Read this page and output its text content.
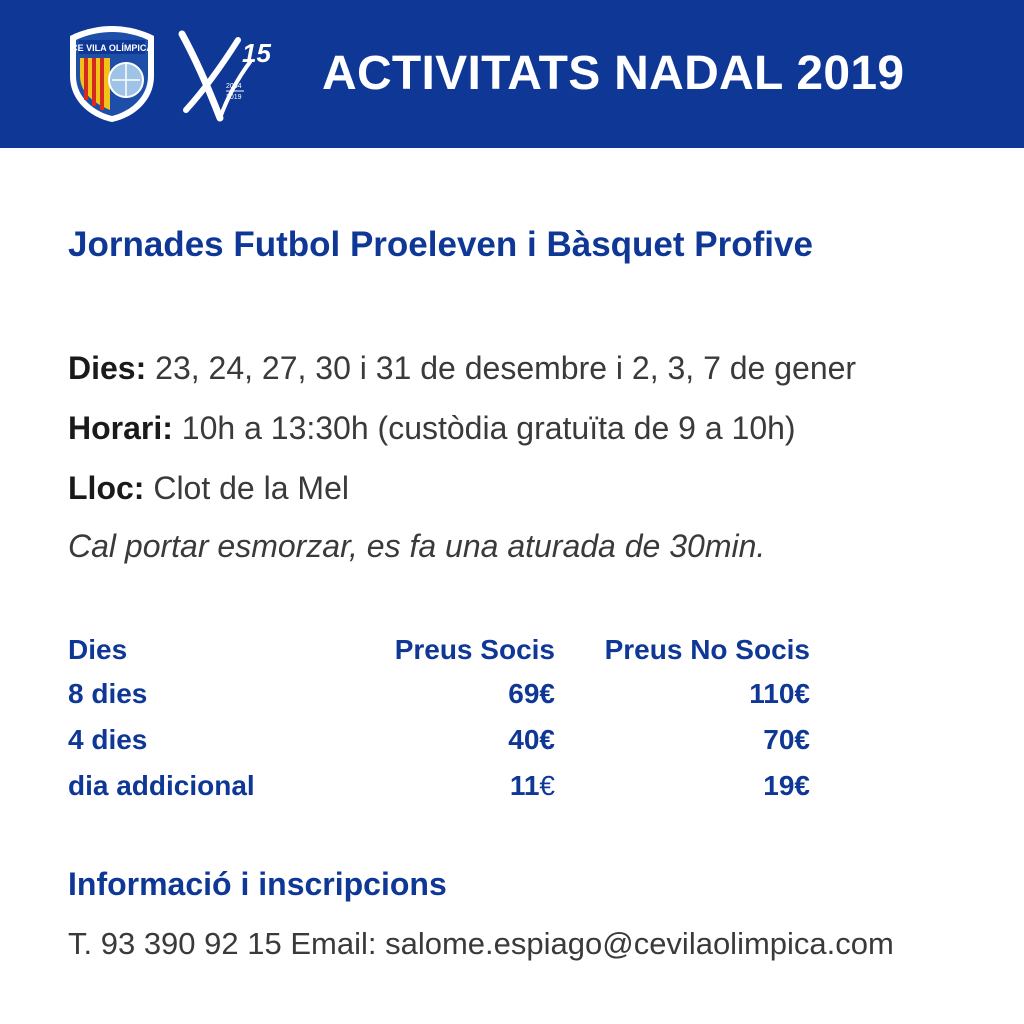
CE VILA OLÍMPICA	15
2004
2019 ACTIVITATS NADAL 2019
Jornades Futbol Proeleven i Bàsquet Profive
Dies: 23, 24, 27, 30 i 31 de desembre i 2, 3, 7 de gener
Horari: 10h a 13:30h (custòdia gratuïta de 9 a 10h)
Lloc: Clot de la Mel
Cal portar esmorzar, es fa una aturada de 30min.
Dies	Preus Socis	Preus No Socis
8 dies	69€	110€
4 dies	40€	70€
dia addicional	11€	19€
Informació i inscripcions
T. 93 390 92 15 Email: salome.espiago@cevilaolimpica.com
